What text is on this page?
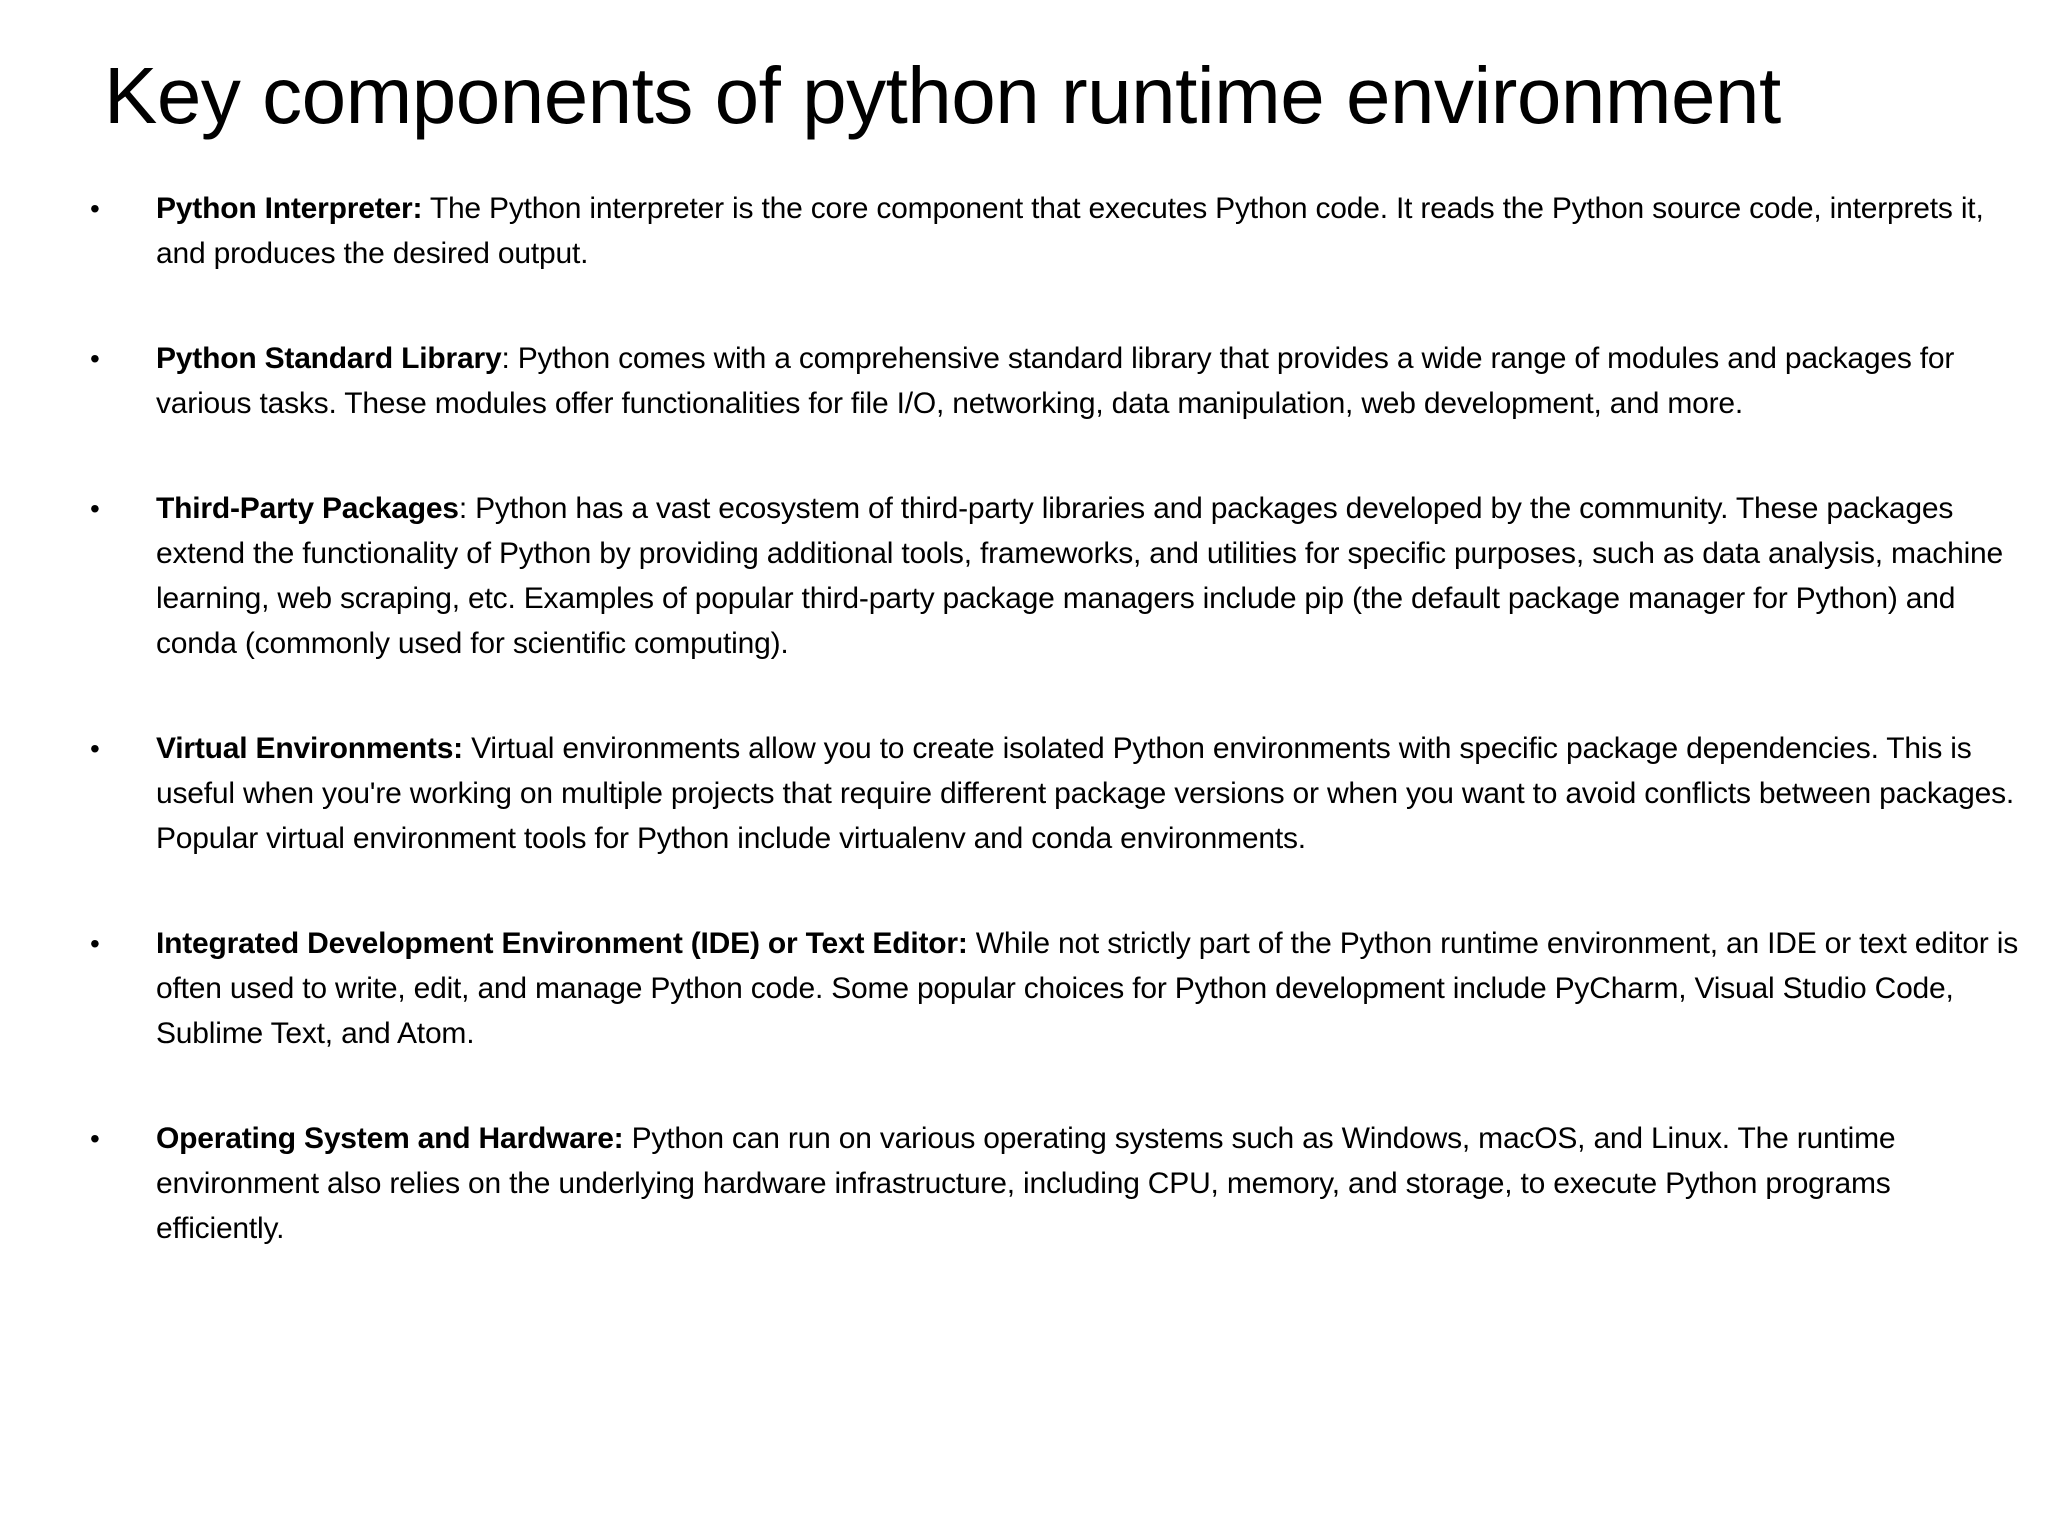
Key components of python runtime environment
• Python Interpreter: The Python interpreter is the core component that executes Python code. It reads the Python source code, interprets it, and produces the desired output.
• Python Standard Library: Python comes with a comprehensive standard library that provides a wide range of modules and packages for various tasks. These modules offer functionalities for file I/O, networking, data manipulation, web development, and more.
• Third-Party Packages: Python has a vast ecosystem of third-party libraries and packages developed by the community. These packages extend the functionality of Python by providing additional tools, frameworks, and utilities for specific purposes, such as data analysis, machine learning, web scraping, etc. Examples of popular third-party package managers include pip (the default package manager for Python) and conda (commonly used for scientific computing).
• Virtual Environments: Virtual environments allow you to create isolated Python environments with specific package dependencies. This is useful when you're working on multiple projects that require different package versions or when you want to avoid conflicts between packages. Popular virtual environment tools for Python include virtualenv and conda environments.
• Integrated Development Environment (IDE) or Text Editor: While not strictly part of the Python runtime environment, an IDE or text editor is often used to write, edit, and manage Python code. Some popular choices for Python development include PyCharm, Visual Studio Code, Sublime Text, and Atom.
• Operating System and Hardware: Python can run on various operating systems such as Windows, macOS, and Linux. The runtime environment also relies on the underlying hardware infrastructure, including CPU, memory, and storage, to execute Python programs efficiently.
